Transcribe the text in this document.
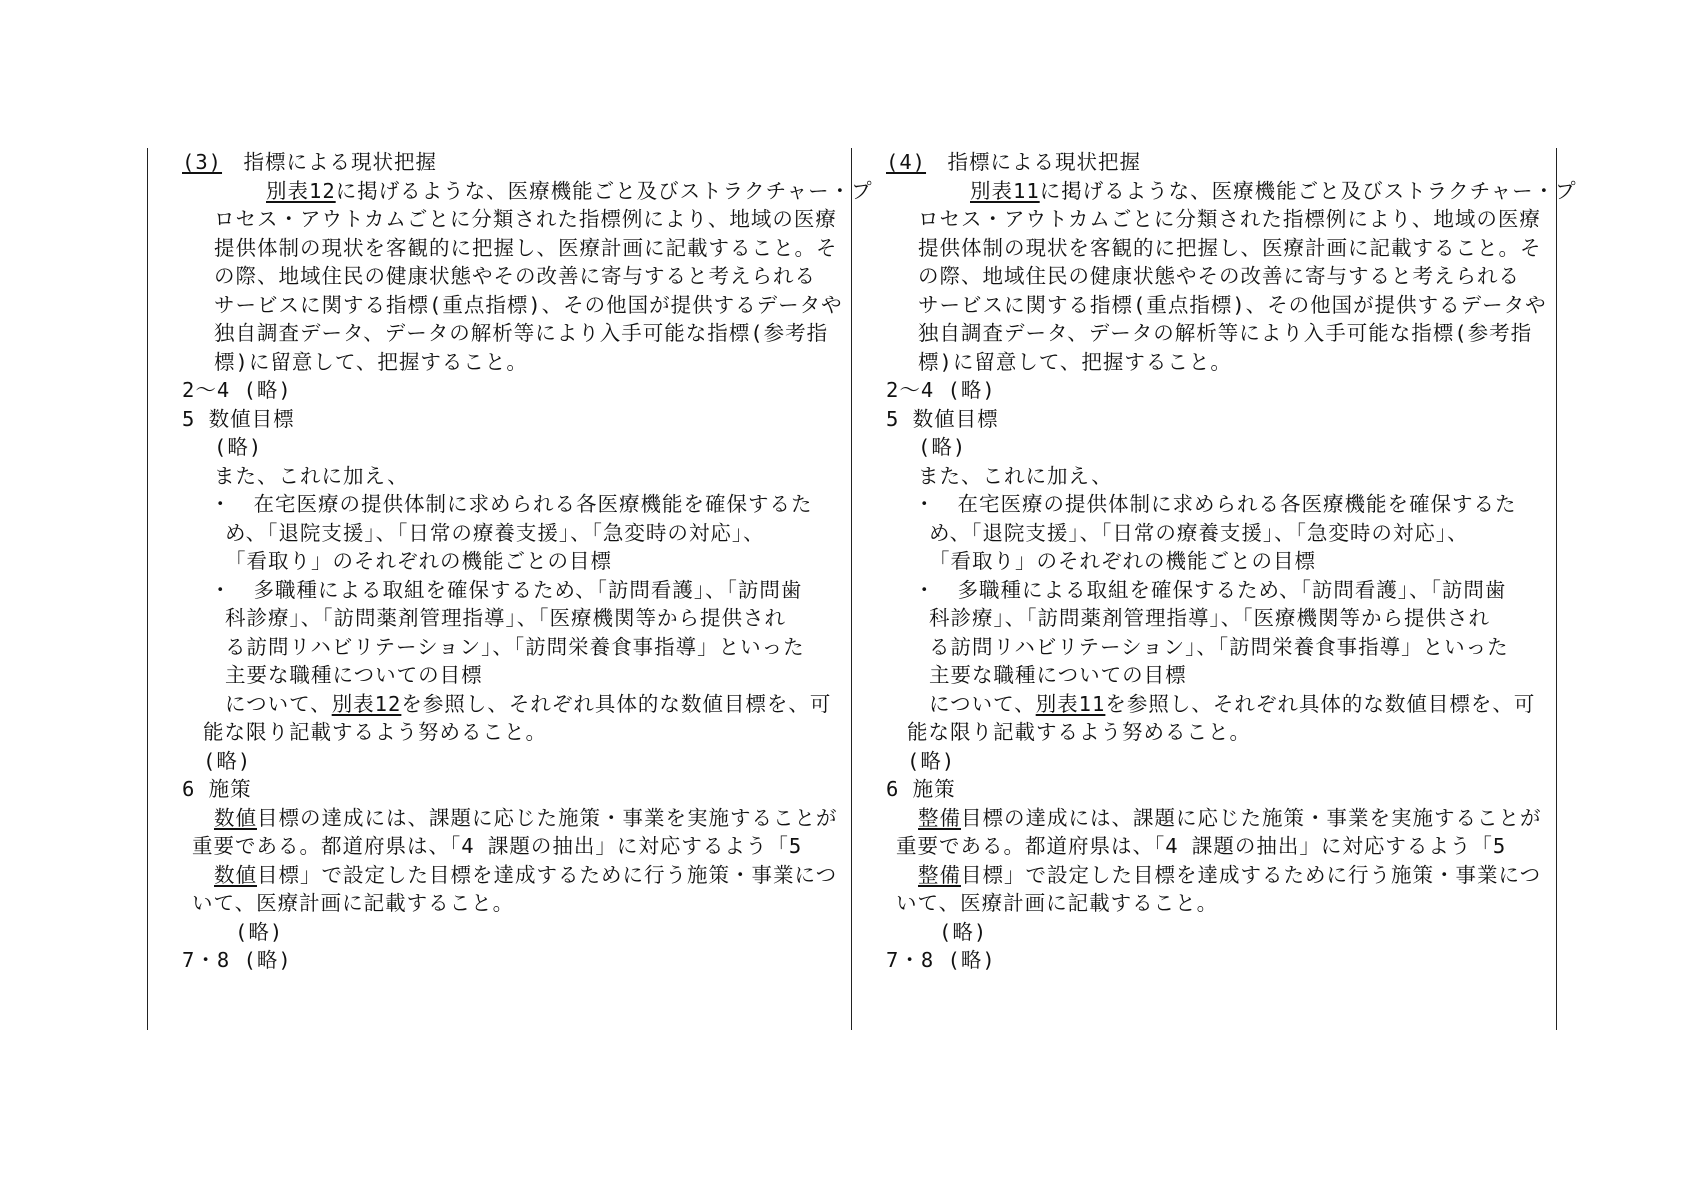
(3)　 指標による現状把握
別表12に掲げるような、医療機能ごと及びストラクチャー・プ
ロセス・アウトカムごとに分類された指標例により、地域の医療
提供体制の現状を客観的に把握し、医療計画に記載すること。そ
の際、地域住民の健康状態やその改善に寄与すると考えられる
サービスに関する指標(重点指標)、その他国が提供するデータや
独自調査データ、データの解析等により入手可能な指標(参考指
標)に留意して、把握すること。
2～4 (略)
5 数値目標
(略)
また、これに加え、
・ 在宅医療の提供体制に求められる各医療機能を確保するた
め、「退院支援」、「日常の療養支援」、「急変時の対応」、
「看取り」のそれぞれの機能ごとの目標
・ 多職種による取組を確保するため、「訪問看護」、「訪問歯
科診療」、「訪問薬剤管理指導」、「医療機関等から提供され
る訪問リハビリテーション」、「訪問栄養食事指導」といった
主要な職種についての目標
について、別表12を参照し、それぞれ具体的な数値目標を、可
能な限り記載するよう努めること。
(略)
6 施策
数値目標の達成には、課題に応じた施策・事業を実施することが
重要である。都道府県は、「4 課題の抽出」に対応するよう「5
数値目標」で設定した目標を達成するために行う施策・事業につ
いて、医療計画に記載すること。
(略)
7・8 (略)
(4)　 指標による現状把握
別表11に掲げるような、医療機能ごと及びストラクチャー・プ
ロセス・アウトカムごとに分類された指標例により、地域の医療
提供体制の現状を客観的に把握し、医療計画に記載すること。そ
の際、地域住民の健康状態やその改善に寄与すると考えられる
サービスに関する指標(重点指標)、その他国が提供するデータや
独自調査データ、データの解析等により入手可能な指標(参考指
標)に留意して、把握すること。
2～4 (略)
5 数値目標
(略)
また、これに加え、
・ 在宅医療の提供体制に求められる各医療機能を確保するた
め、「退院支援」、「日常の療養支援」、「急変時の対応」、
「看取り」のそれぞれの機能ごとの目標
・ 多職種による取組を確保するため、「訪問看護」、「訪問歯
科診療」、「訪問薬剤管理指導」、「医療機関等から提供され
る訪問リハビリテーション」、「訪問栄養食事指導」といった
主要な職種についての目標
について、別表11を参照し、それぞれ具体的な数値目標を、可
能な限り記載するよう努めること。
(略)
6 施策
整備目標の達成には、課題に応じた施策・事業を実施することが
重要である。都道府県は、「4 課題の抽出」に対応するよう「5
整備目標」で設定した目標を達成するために行う施策・事業につ
いて、医療計画に記載すること。
(略)
7・8 (略)
